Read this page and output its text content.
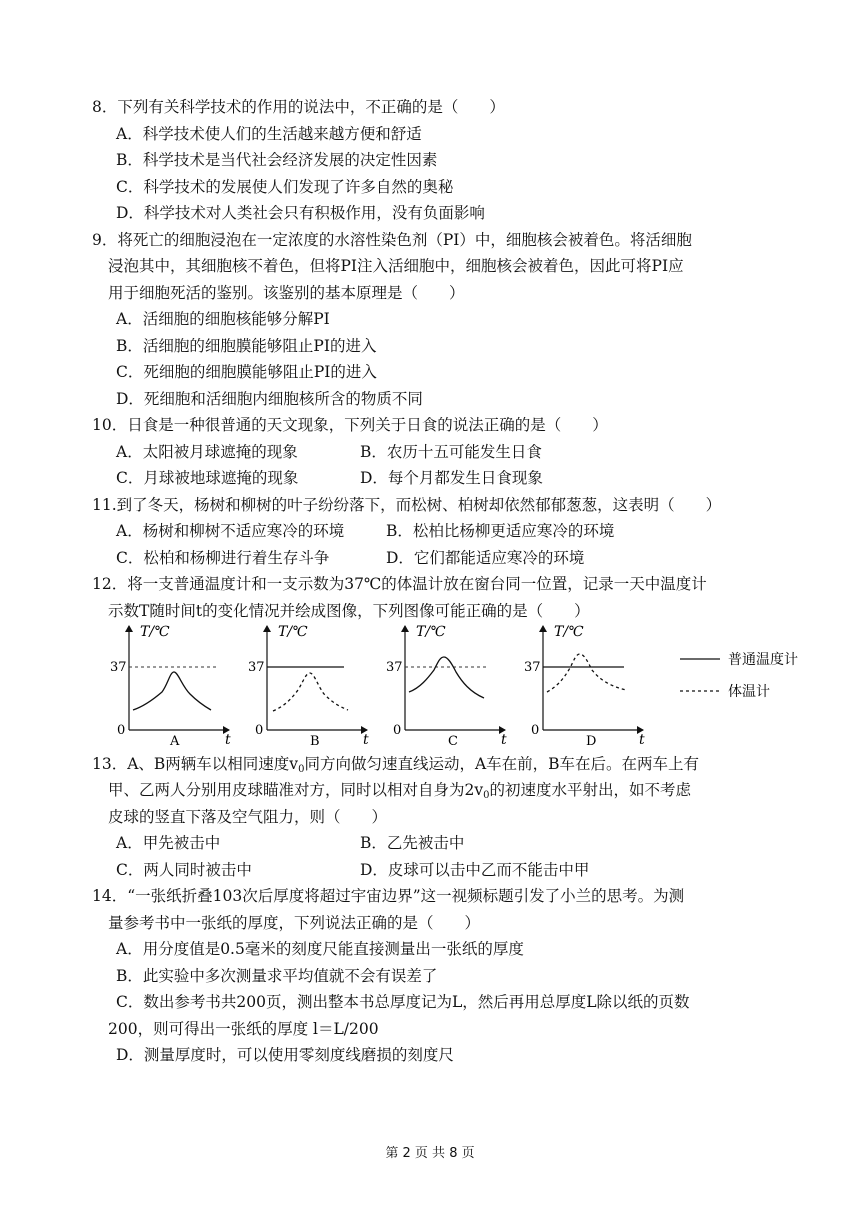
8．下列有关科学技术的作用的说法中，不正确的是（　　）
A．科学技术使人们的生活越来越方便和舒适
B．科学技术是当代社会经济发展的决定性因素
C．科学技术的发展使人们发现了许多自然的奥秘
D．科学技术对人类社会只有积极作用，没有负面影响
9．将死亡的细胞浸泡在一定浓度的水溶性染色剂（PI）中，细胞核会被着色。将活细胞
浸泡其中，其细胞核不着色，但将PI注入活细胞中，细胞核会被着色，因此可将PI应
用于细胞死活的鉴别。该鉴别的基本原理是（　　）
A．活细胞的细胞核能够分解PI
B．活细胞的细胞膜能够阻止PI的进入
C．死细胞的细胞膜能够阻止PI的进入
D．死细胞和活细胞内细胞核所含的物质不同
10．日食是一种很普通的天文现象，下列关于日食的说法正确的是（　　）
A．太阳被月球遮掩的现象	B．农历十五可能发生日食
C．月球被地球遮掩的现象	D．每个月都发生日食现象
11.到了冬天，杨树和柳树的叶子纷纷落下，而松树、柏树却依然郁郁葱葱，这表明（　　）
A．杨树和柳树不适应寒冷的环境	B．松柏比杨柳更适应寒冷的环境
C．松柏和杨柳进行着生存斗争	D．它们都能适应寒冷的环境
12．将一支普通温度计和一支示数为37℃的体温计放在窗台同一位置，记录一天中温度计
示数T随时间t的变化情况并绘成图像，下列图像可能正确的是（　　）
T/℃
t
0
37
A
T/℃
t
0
37
B
T/℃
t
0
37
C
T/℃
t
0
37
D
普通温度计
体温计
13．A、B两辆车以相同速度$v_0$同方向做匀速直线运动，A车在前，B车在后。在两车上有
甲、乙两人分别用皮球瞄准对方，同时以相对自身为$2v_0$的初速度水平射出，如不考虑
皮球的竖直下落及空气阻力，则（　　）
A．甲先被击中	B．乙先被击中
C．两人同时被击中	D．皮球可以击中乙而不能击中甲
14．“一张纸折叠103次后厚度将超过宇宙边界”这一视频标题引发了小兰的思考。为测
量参考书中一张纸的厚度，下列说法正确的是（　　）
A．用分度值是0.5毫米的刻度尺能直接测量出一张纸的厚度
B．此实验中多次测量求平均值就不会有误差了
C．数出参考书共200页，测出整本书总厚度记为L，然后再用总厚度L除以纸的页数
200，则可得出一张纸的厚度 l＝L/200
D．测量厚度时，可以使用零刻度线磨损的刻度尺
第 2 页 共 8 页
